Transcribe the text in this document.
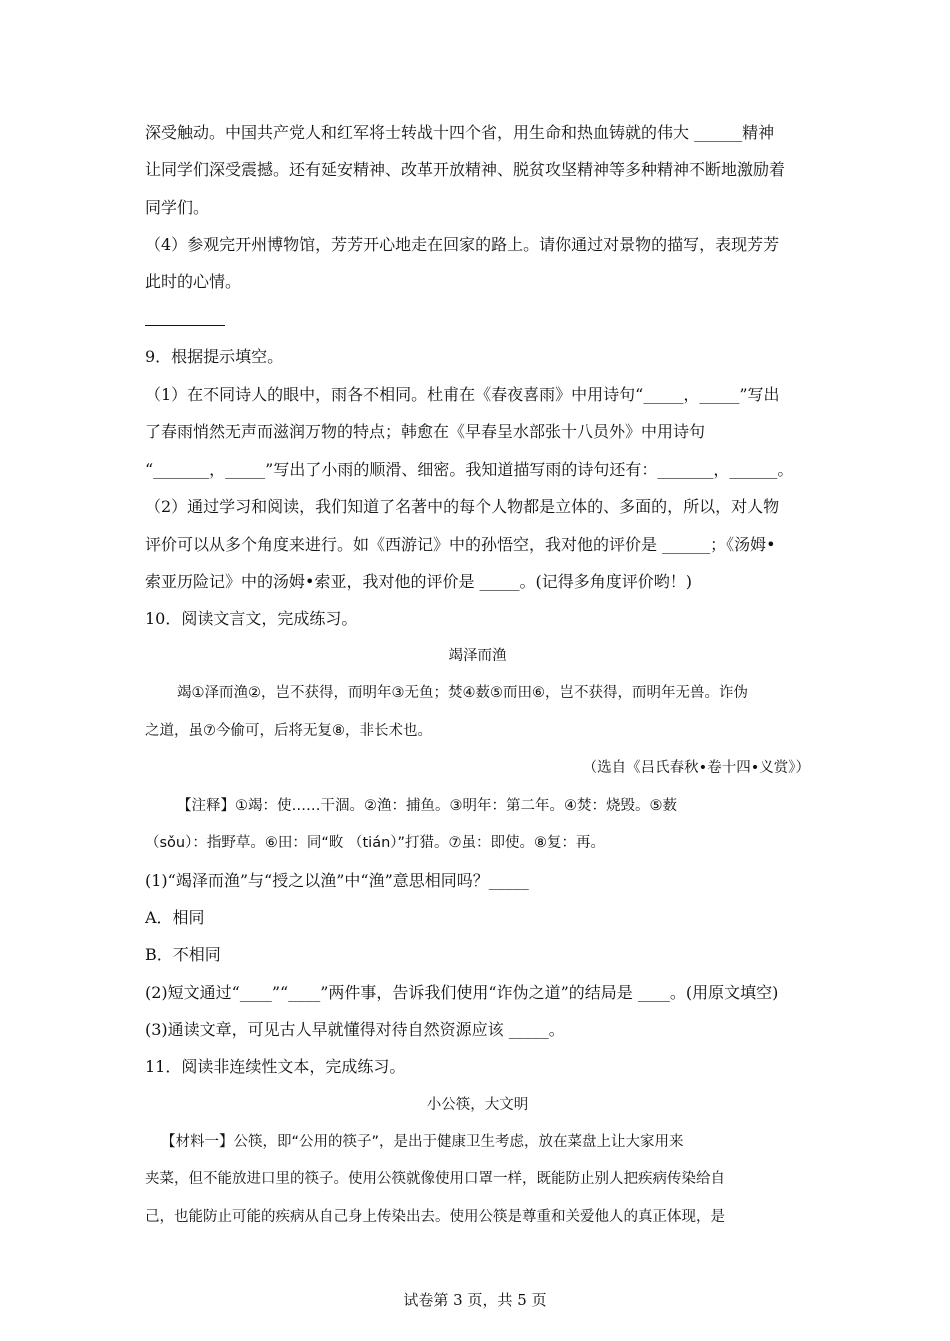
深受触动。中国共产党人和红军将士转战十四个省，用生命和热血铸就的伟大 ______精神
让同学们深受震撼。还有延安精神、改革开放精神、脱贫攻坚精神等多种精神不断地激励着
同学们。
（4）参观完开州博物馆，芳芳开心地走在回家的路上。请你通过对景物的描写，表现芳芳
此时的心情。
9．根据提示填空。
（1）在不同诗人的眼中，雨各不相同。杜甫在《春夜喜雨》中用诗句“_____，_____”写出
了春雨悄然无声而滋润万物的特点；韩愈在《早春呈水部张十八员外》中用诗句
“_______，_____”写出了小雨的顺滑、细密。我知道描写雨的诗句还有：_______，______。
（2）通过学习和阅读，我们知道了名著中的每个人物都是立体的、多面的，所以，对人物
评价可以从多个角度来进行。如《西游记》中的孙悟空，我对他的评价是 ______；《汤姆•
索亚历险记》中的汤姆•索亚，我对他的评价是 _____。(记得多角度评价哟！)
10．阅读文言文，完成练习。
竭泽而渔
竭①泽而渔②，岂不获得，而明年③无鱼；焚④薮⑤而田⑥，岂不获得，而明年无兽。诈伪
之道，虽⑦今偷可，后将无复⑧，非长术也。
（选自《吕氏春秋•卷十四•义赏》）
【注释】①竭：使……干涸。②渔：捕鱼。③明年：第二年。④焚：烧毁。⑤薮
（sǒu）：指野草。⑥田：同“畋 （tián）”打猎。⑦虽：即使。⑧复：再。
(1)“竭泽而渔”与“授之以渔”中“渔”意思相同吗？_____
A．相同
B．不相同
(2)短文通过“____”“____”两件事，告诉我们使用“诈伪之道”的结局是 ____。(用原文填空)
(3)通读文章，可见古人早就懂得对待自然资源应该 _____。
11．阅读非连续性文本，完成练习。
小公筷，大文明
【材料一】公筷，即“公用的筷子”，是出于健康卫生考虑，放在菜盘上让大家用来
夹菜，但不能放进口里的筷子。使用公筷就像使用口罩一样，既能防止别人把疾病传染给自
己，也能防止可能的疾病从自己身上传染出去。使用公筷是尊重和关爱他人的真正体现，是
试卷第 3 页，共 5 页
